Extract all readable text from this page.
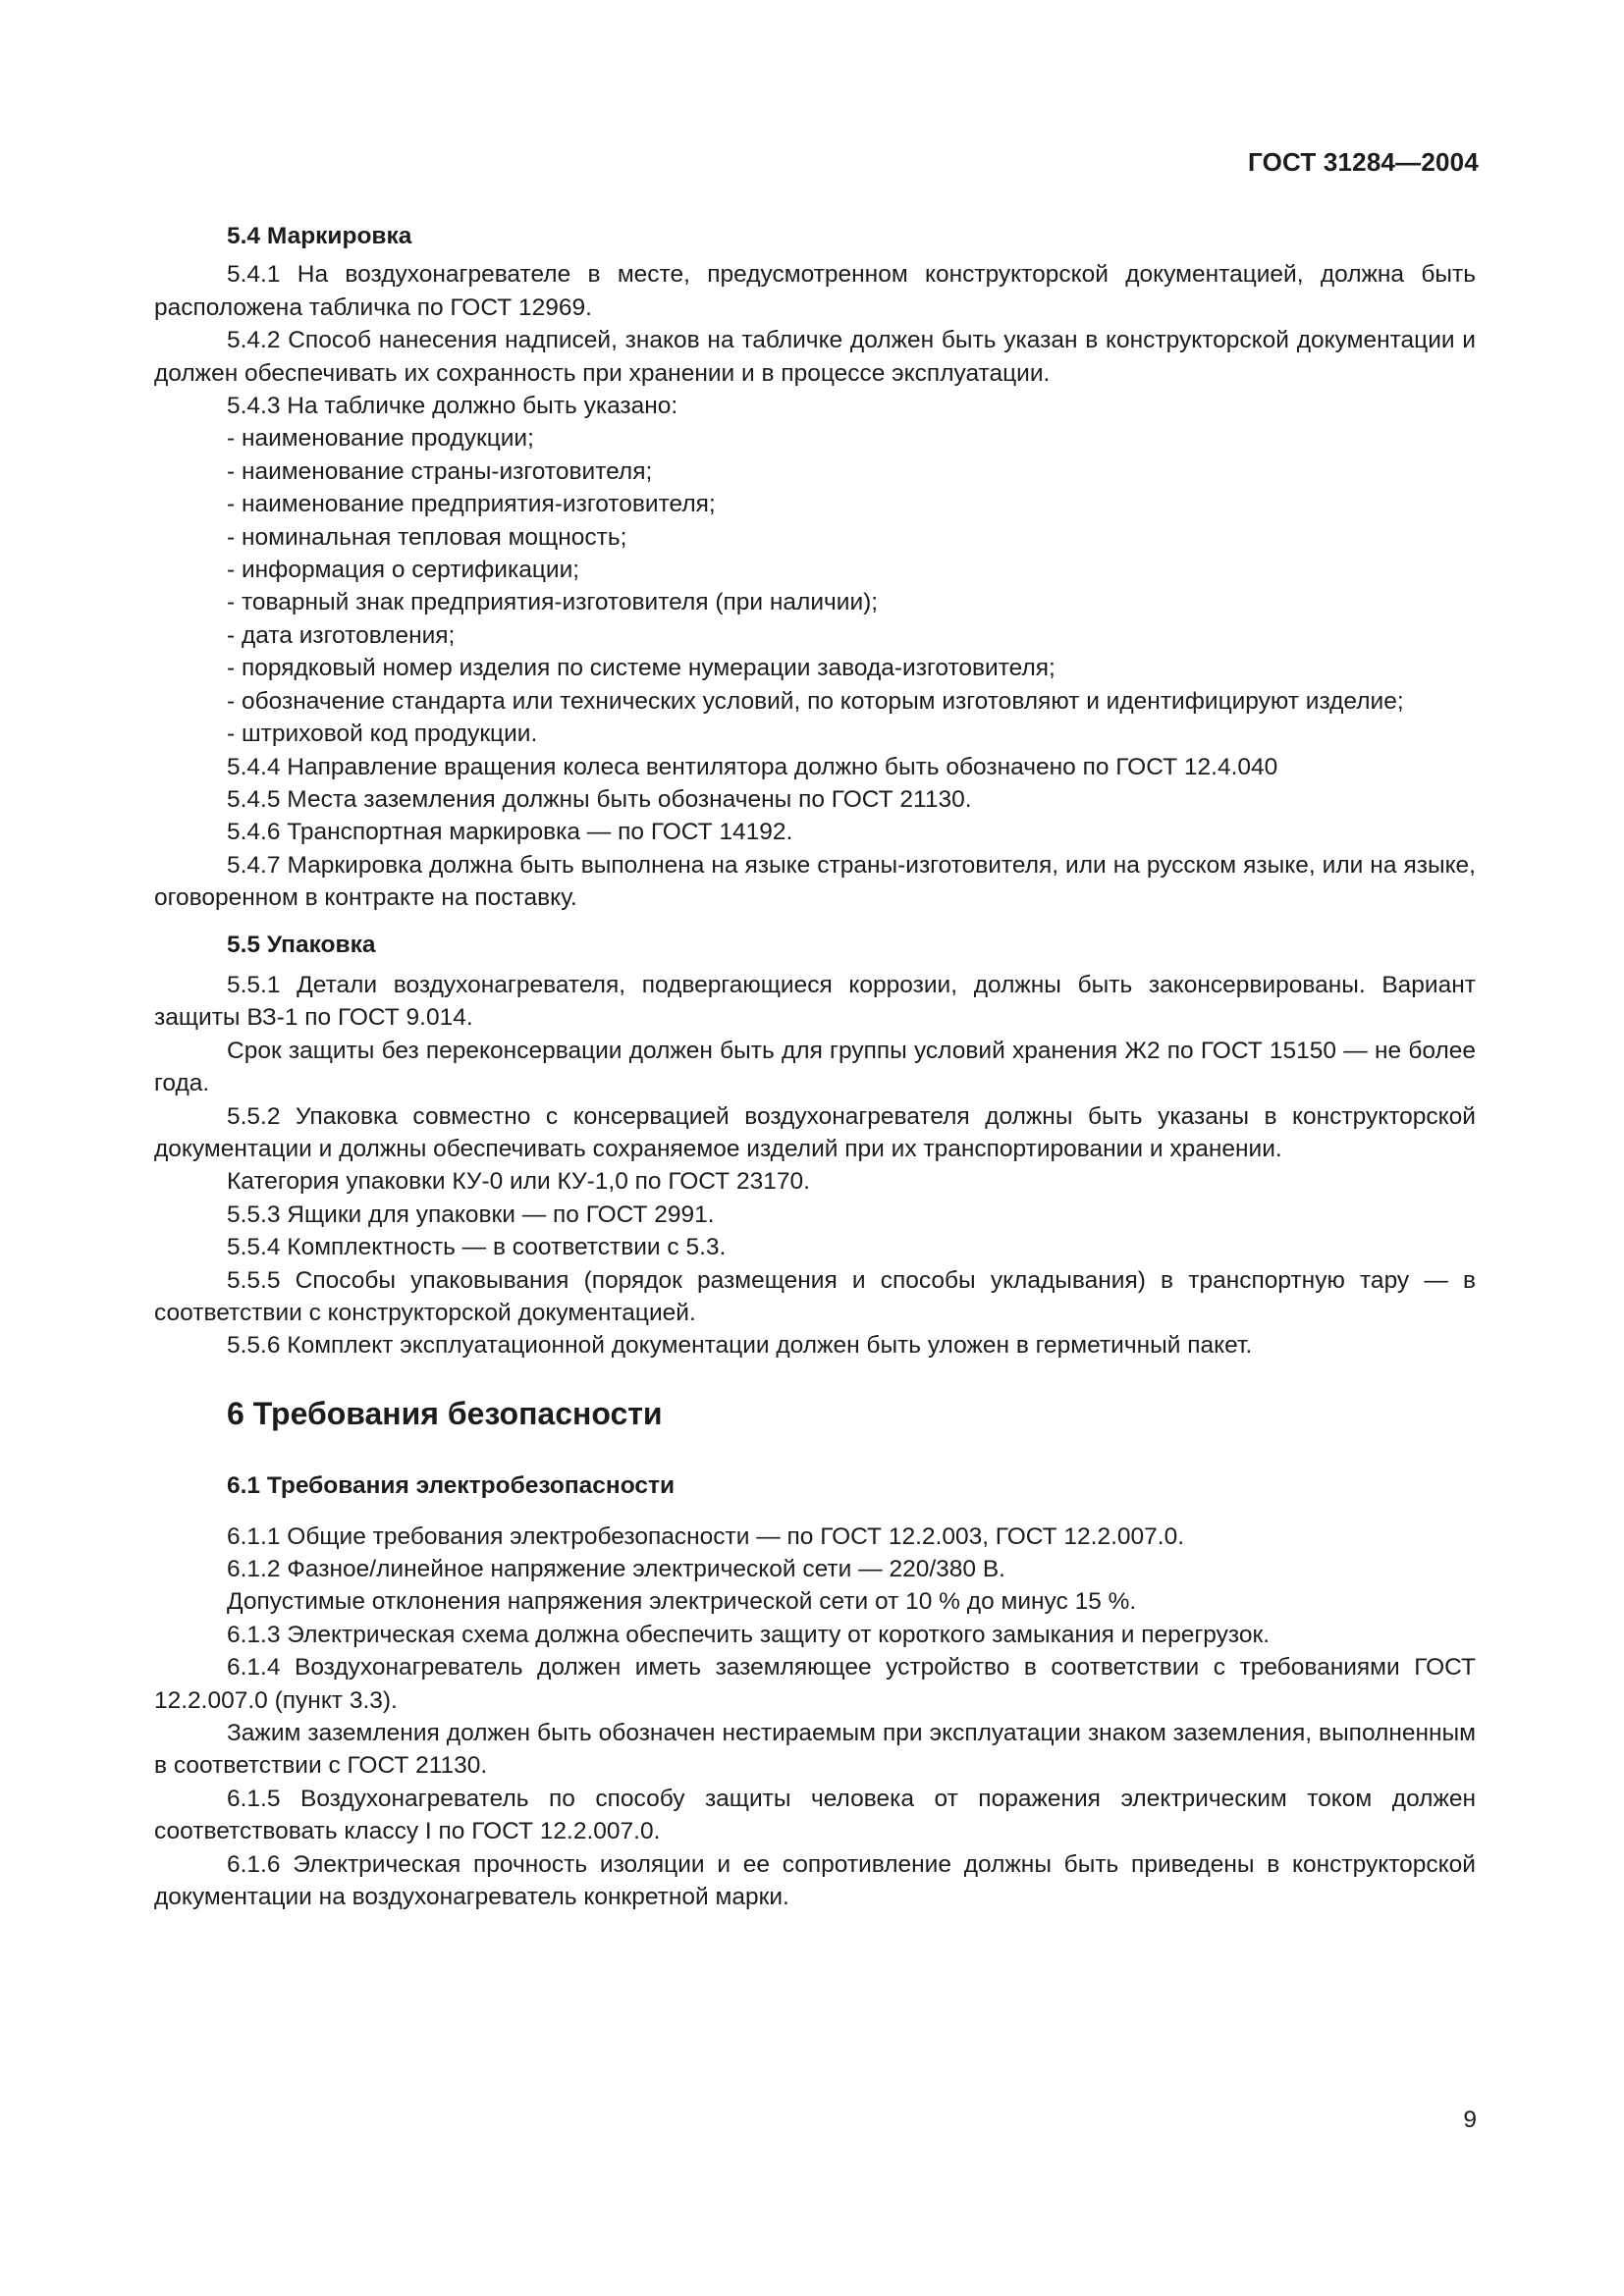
ГОСТ 31284—2004
5.4 Маркировка

5.4.1 На воздухонагревателе в месте, предусмотренном конструкторской документацией, должна быть расположена табличка по ГОСТ 12969.

5.4.2 Способ нанесения надписей, знаков на табличке должен быть указан в конструкторской документации и должен обеспечивать их сохранность при хранении и в процессе эксплуатации.

5.4.3 На табличке должно быть указано:

- наименование продукции;

- наименование страны-изготовителя;

- наименование предприятия-изготовителя;

- номинальная тепловая мощность;

- информация о сертификации;

- товарный знак предприятия-изготовителя (при наличии);

- дата изготовления;

- порядковый номер изделия по системе нумерации завода-изготовителя;

- обозначение стандарта или технических условий, по которым изготовляют и идентифицируют изделие;

- штриховой код продукции.

5.4.4 Направление вращения колеса вентилятора должно быть обозначено по ГОСТ 12.4.040

5.4.5 Места заземления должны быть обозначены по ГОСТ 21130.

5.4.6 Транспортная маркировка — по ГОСТ 14192.

5.4.7 Маркировка должна быть выполнена на языке страны-изготовителя, или на русском языке, или на языке, оговоренном в контракте на поставку.

5.5 Упаковка

5.5.1 Детали воздухонагревателя, подвергающиеся коррозии, должны быть законсервированы. Вариант защиты ВЗ-1 по ГОСТ 9.014.

Срок защиты без переконсервации должен быть для группы условий хранения Ж2 по ГОСТ 15150 — не более года.

5.5.2 Упаковка совместно с консервацией воздухонагревателя должны быть указаны в конструкторской документации и должны обеспечивать сохраняемое изделий при их транспортировании и хранении.

Категория упаковки КУ-0 или КУ-1,0 по ГОСТ 23170.

5.5.3 Ящики для упаковки — по ГОСТ 2991.

5.5.4 Комплектность — в соответствии с 5.3.

5.5.5 Способы упаковывания (порядок размещения и способы укладывания) в транспортную тару — в соответствии с конструкторской документацией.

5.5.6 Комплект эксплуатационной документации должен быть уложен в герметичный пакет.

6 Требования безопасности
6.1 Требования электробезопасности

6.1.1 Общие требования электробезопасности — по ГОСТ 12.2.003, ГОСТ 12.2.007.0.

6.1.2 Фазное/линейное напряжение электрической сети — 220/380 В.

Допустимые отклонения напряжения электрической сети от 10 % до минус 15 %.

6.1.3 Электрическая схема должна обеспечить защиту от короткого замыкания и перегрузок.

6.1.4 Воздухонагреватель должен иметь заземляющее устройство в соответствии с требованиями ГОСТ 12.2.007.0 (пункт 3.3).

Зажим заземления должен быть обозначен нестираемым при эксплуатации знаком заземления, выполненным в соответствии с ГОСТ 21130.

6.1.5 Воздухонагреватель по способу защиты человека от поражения электрическим током должен соответствовать классу I по ГОСТ 12.2.007.0.

6.1.6 Электрическая прочность изоляции и ее сопротивление должны быть приведены в конструкторской документации на воздухонагреватель конкретной марки.

9
